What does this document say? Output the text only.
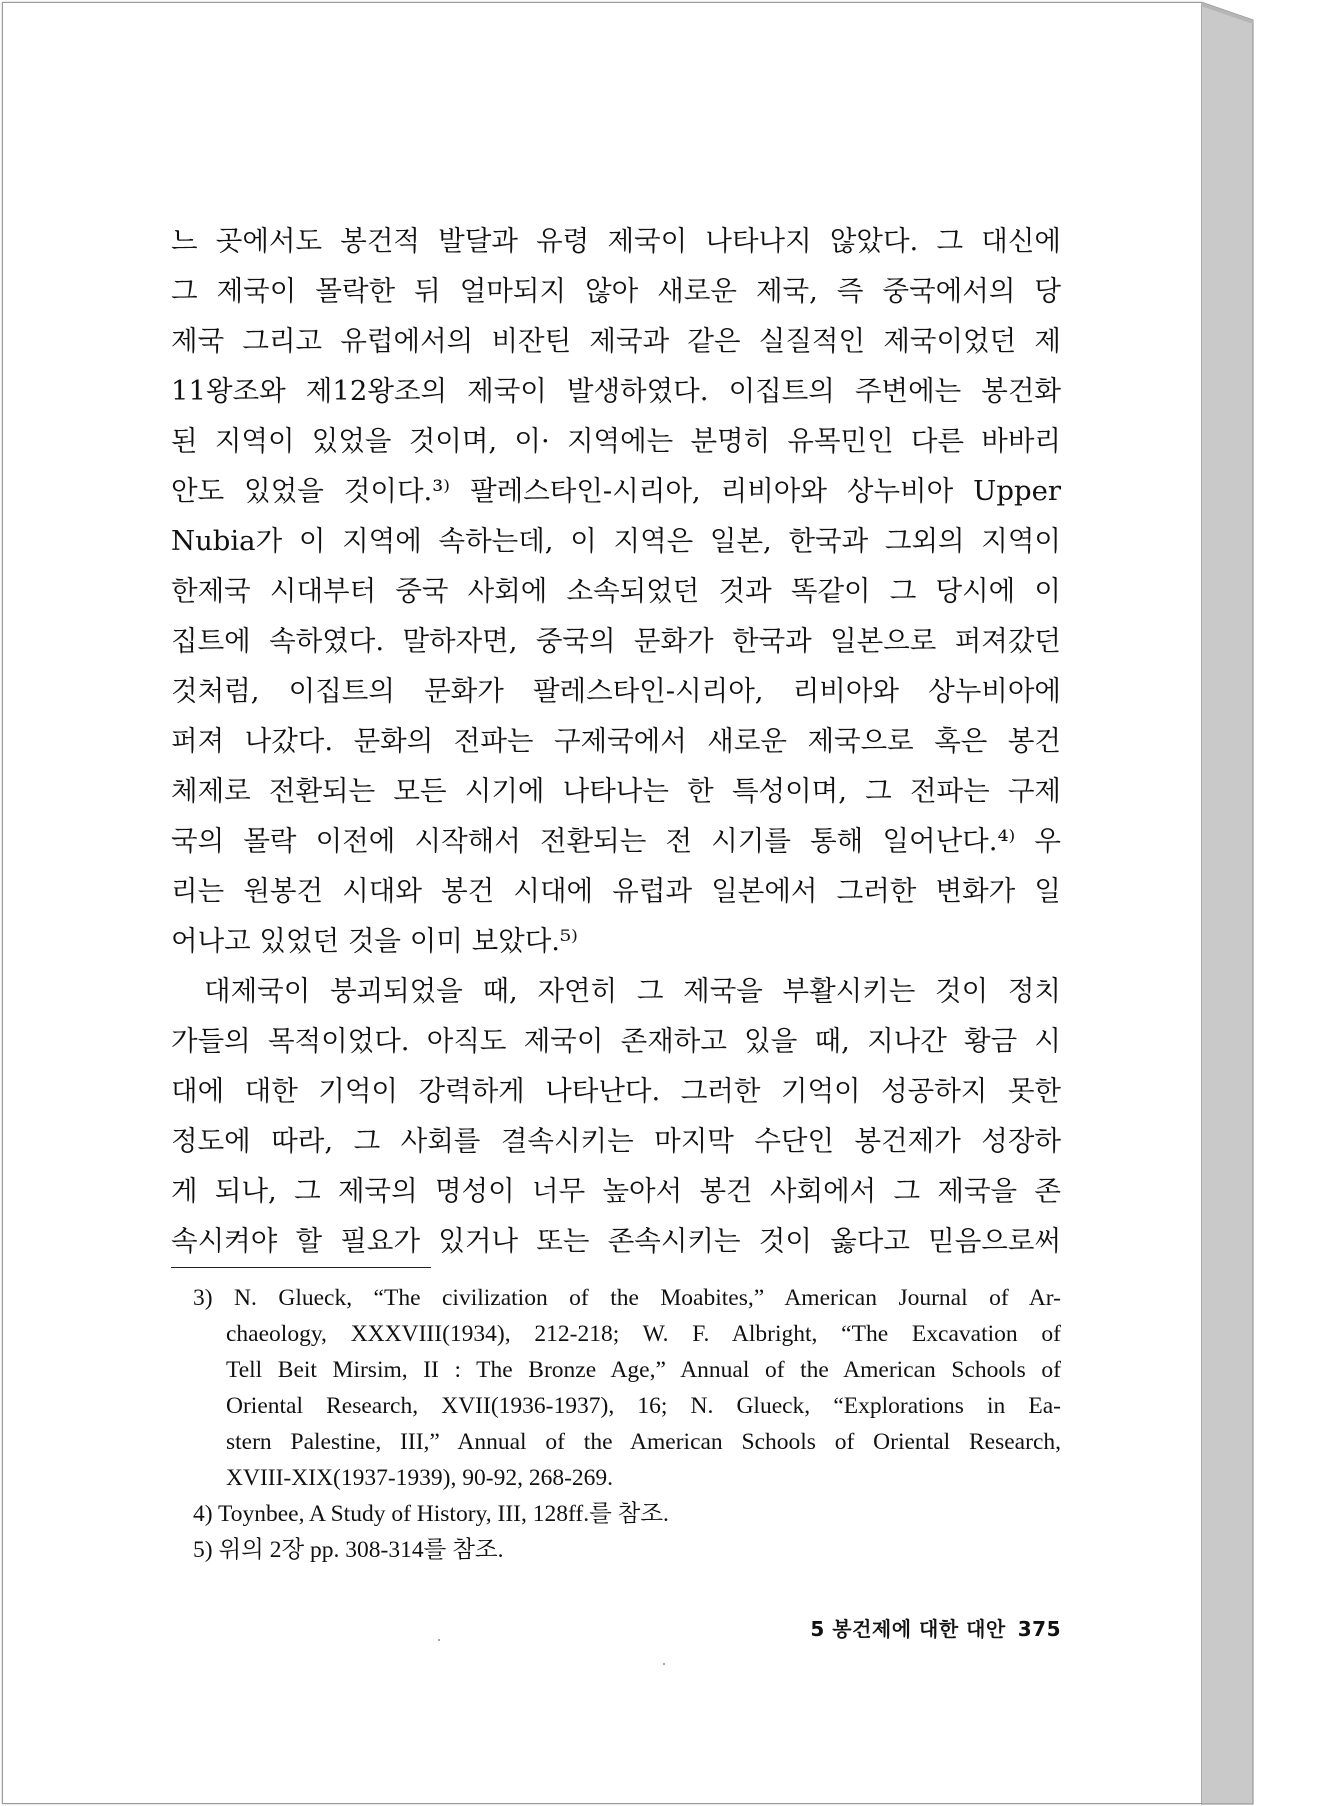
느 곳에서도 봉건적 발달과 유령 제국이 나타나지 않았다. 그 대신에
그 제국이 몰락한 뒤 얼마되지 않아 새로운 제국, 즉 중국에서의 당
제국 그리고 유럽에서의 비잔틴 제국과 같은 실질적인 제국이었던 제
11왕조와 제12왕조의 제국이 발생하였다. 이집트의 주변에는 봉건화
된 지역이 있었을 것이며, 이· 지역에는 분명히 유목민인 다른 바바리
안도 있었을 것이다.³⁾ 팔레스타인-시리아, 리비아와 상누비아 Upper
Nubia가 이 지역에 속하는데, 이 지역은 일본, 한국과 그외의 지역이
한제국 시대부터 중국 사회에 소속되었던 것과 똑같이 그 당시에 이
집트에 속하였다. 말하자면, 중국의 문화가 한국과 일본으로 퍼져갔던
것처럼, 이집트의 문화가 팔레스타인-시리아, 리비아와 상누비아에
퍼져 나갔다. 문화의 전파는 구제국에서 새로운 제국으로 혹은 봉건
체제로 전환되는 모든 시기에 나타나는 한 특성이며, 그 전파는 구제
국의 몰락 이전에 시작해서 전환되는 전 시기를 통해 일어난다.⁴⁾ 우
리는 원봉건 시대와 봉건 시대에 유럽과 일본에서 그러한 변화가 일
어나고 있었던 것을 이미 보았다.⁵⁾
대제국이 붕괴되었을 때, 자연히 그 제국을 부활시키는 것이 정치
가들의 목적이었다. 아직도 제국이 존재하고 있을 때, 지나간 황금 시
대에 대한 기억이 강력하게 나타난다. 그러한 기억이 성공하지 못한
정도에 따라, 그 사회를 결속시키는 마지막 수단인 봉건제가 성장하
게 되나, 그 제국의 명성이 너무 높아서 봉건 사회에서 그 제국을 존
속시켜야 할 필요가 있거나 또는 존속시키는 것이 옳다고 믿음으로써
3) N. Glueck, “The civilization of the Moabites,” American Journal of Ar-
chaeology, XXXVIII(1934), 212-218; W. F. Albright, “The Excavation of
Tell Beit Mirsim, II : The Bronze Age,” Annual of the American Schools of
Oriental Research, XVII(1936-1937), 16; N. Glueck, “Explorations in Ea-
stern Palestine, III,” Annual of the American Schools of Oriental Research,
XVIII-XIX(1937-1939), 90-92, 268-269.
4) Toynbee, A Study of History, III, 128ff.를 참조.
5) 위의 2장 pp. 308-314를 참조.
5 봉건제에 대한 대안 375
